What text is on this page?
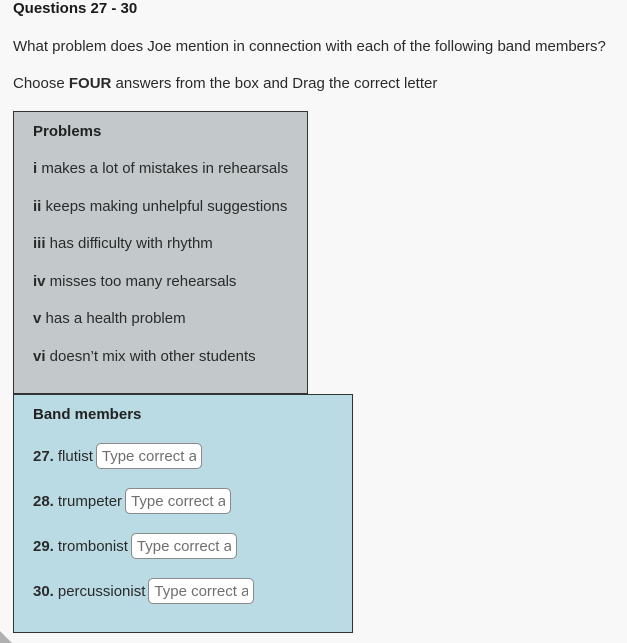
Questions 27 - 30
What problem does Joe mention in connection with each of the following band members?
Choose FOUR answers from the box and Drag the correct letter
Problems
i makes a lot of mistakes in rehearsals
ii keeps making unhelpful suggestions
iii has difficulty with rhythm
iv misses too many rehearsals
v has a health problem
vi doesn’t mix with other students
Band members
27. flutist
Type correct ans
28. trumpeter
Type correct ans
29. trombonist
Type correct ans
30. percussionist
Type correct ans
